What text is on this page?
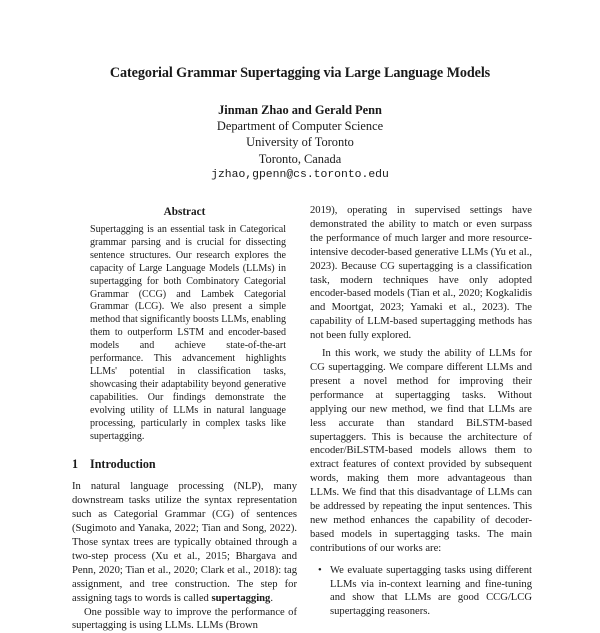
Categorial Grammar Supertagging via Large Language Models
Jinman Zhao and Gerald Penn
Department of Computer Science
University of Toronto
Toronto, Canada
jzhao,gpenn@cs.toronto.edu
Abstract

Supertagging is an essential task in Categorical grammar parsing and is crucial for dissecting sentence structures. Our research explores the capacity of Large Language Models (LLMs) in supertagging for both Combinatory Categorial Grammar (CCG) and Lambek Categorial Grammar (LCG). We also present a simple method that significantly boosts LLMs, enabling them to outperform LSTM and encoder-based models and achieve state-of-the-art performance. This advancement highlights LLMs' potential in classification tasks, showcasing their adaptability beyond generative capabilities. Our findings demonstrate the evolving utility of LLMs in natural language processing, particularly in complex tasks like supertagging.

1 Introduction

In natural language processing (NLP), many downstream tasks utilize the syntax representation such as Categorial Grammar (CG) of sentences (Sugimoto and Yanaka, 2022; Tian and Song, 2022). Those syntax trees are typically obtained through a two-step process (Xu et al., 2015; Bhargava and Penn, 2020; Tian et al., 2020; Clark et al., 2018): tag assignment, and tree construction. The step for assigning tags to words is called supertagging.

One possible way to improve the performance of supertagging is using LLMs. LLMs (Brown

2019), operating in supervised settings have demonstrated the ability to match or even surpass the performance of much larger and more resource-intensive decoder-based generative LLMs (Yu et al., 2023). Because CG supertagging is a classification task, modern techniques have only adopted encoder-based models (Tian et al., 2020; Kogkalidis and Moortgat, 2023; Yamaki et al., 2023). The capability of LLM-based supertagging methods has not been fully explored.

In this work, we study the ability of LLMs for CG supertagging. We compare different LLMs and present a novel method for improving their performance at supertagging tasks. Without applying our new method, we find that LLMs are less accurate than standard BiLSTM-based supertaggers. This is because the architecture of encoder/BiLSTM-based models allows them to extract features of context provided by subsequent words, making them more advantageous than LLMs. We find that this disadvantage of LLMs can be addressed by repeating the input sentences. This new method enhances the capability of decoder-based models in supertagging tasks. The main contributions of our works are:

• We evaluate supertagging tasks using different LLMs via in-context learning and fine-tuning and show that LLMs are good CCG/LCG supertagging reasoners.
